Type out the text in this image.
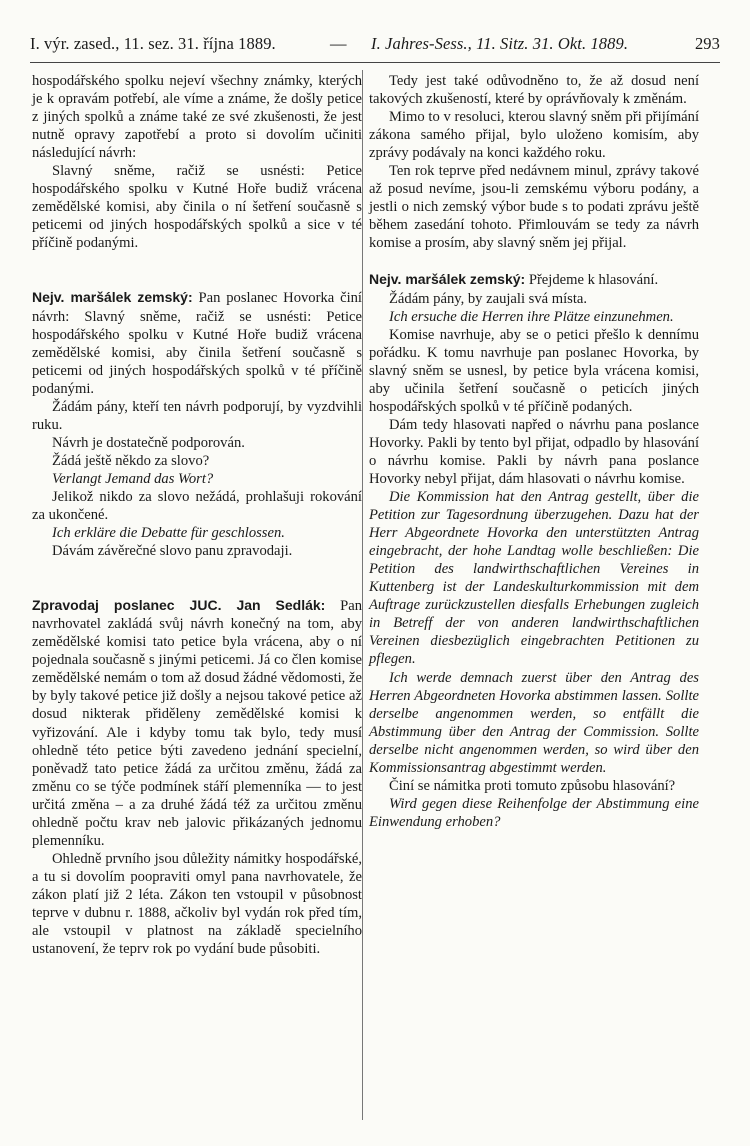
I. výr. zased., 11. sez. 31. října 1889.	— I. Jahres-Sess., 11. Sitz. 31. Okt. 1889.	293

hospodářského spolku nejeví všechny známky, kterých je k opravám potřebí, ale víme a známe, že došly petice z jiných spolků a známe také ze své zkušenosti, že jest nutně opravy zapotřebí a proto si dovolím učiniti následující návrh:

Slavný sněme, račiž se usnésti: Petice hospodářského spolku v Kutné Hoře budiž vrácena zemědělské komisi, aby činila o ní šetření současně s peticemi od jiných hospodářských spolků a sice v té příčině podanými.

Nejv. maršálek zemský: Pan poslanec Hovorka činí návrh: Slavný sněme, račiž se usnésti: Petice hospodářského spolku v Kutné Hoře budiž vrácena zemědělské komisi, aby činila šetření současně s peticemi od jiných hospodářských spolků v té příčině podanými.

Žádám pány, kteří ten návrh podporují, by vyzdvihli ruku.

Návrh je dostatečně podporován.

Žádá ještě někdo za slovo?

Verlangt Jemand das Wort?

Jelikož nikdo za slovo nežádá, prohlašuji rokování za ukončené.

Ich erkläre die Debatte für geschlossen.

Dávám závěrečné slovo panu zpravodaji.

Zpravodaj poslanec JUC. Jan Sedlák: Pan navrhovatel zakládá svůj návrh konečný na tom, aby zemědělské komisi tato petice byla vrácena, aby o ní pojednala současně s jinými peticemi. Já co člen komise zemědělské nemám o tom až dosud žádné vědomosti, že by byly takové petice již došly a nejsou takové petice až dosud nikterak přiděleny zemědělské komisi k vyřizování. Ale i kdyby tomu tak bylo, tedy musí ohledně této petice býti zavedeno jednání specielní, poněvadž tato petice žádá za určitou změnu, žádá za změnu co se týče podmínek stáří plemenníka — to jest určitá změna – a za druhé žádá též za určitou změnu ohledně počtu krav neb jalovic přikázaných jednomu plemenníku.

Ohledně prvního jsou důležity námitky hospodářské, a tu si dovolím poopraviti omyl pana navrhovatele, že zákon platí již 2 léta. Zákon ten vstoupil v působnost teprve v dubnu r. 1888, ačkoliv byl vydán rok před tím, ale vstoupil v platnost na základě specielního ustanovení, že teprv rok po vydání bude působiti.

Tedy jest také odůvodněno to, že až dosud není takových zkušeností, které by oprávňovaly k změnám.

Mimo to v resoluci, kterou slavný sněm při přijímání zákona samého přijal, bylo uloženo komisím, aby zprávy podávaly na konci každého roku.

Ten rok teprve před nedávnem minul, zprávy takové až posud nevíme, jsou-li zemskému výboru podány, a jestli o nich zemský výbor bude s to podati zprávu ještě během zasedání tohoto. Přimlouvám se tedy za návrh komise a prosím, aby slavný sněm jej přijal.

Nejv. maršálek zemský: Přejdeme k hlasování.

Žádám pány, by zaujali svá místa.

Ich ersuche die Herren ihre Plätze einzunehmen.

Komise navrhuje, aby se o petici přešlo k dennímu pořádku. K tomu navrhuje pan poslanec Hovorka, by slavný sněm se usnesl, by petice byla vrácena komisi, aby učinila šetření současně o peticích jiných hospodářských spolků v té příčině podaných.

Dám tedy hlasovati napřed o návrhu pana poslance Hovorky. Pakli by tento byl přijat, odpadlo by hlasování o návrhu komise. Pakli by návrh pana poslance Hovorky nebyl přijat, dám hlasovati o návrhu komise.

Die Kommission hat den Antrag gestellt, über die Petition zur Tagesordnung überzugehen. Dazu hat der Herr Abgeordnete Hovorka den unterstützten Antrag eingebracht, der hohe Landtag wolle beschließen: Die Petition des landwirthschaftlichen Vereines in Kuttenberg ist der Landeskulturkommission mit dem Auftrage zurückzustellen diesfalls Erhebungen zugleich in Betreff der von anderen landwirthschaftlichen Vereinen diesbezüglich eingebrachten Petitionen zu pflegen.

Ich werde demnach zuerst über den Antrag des Herren Abgeordneten Hovorka abstimmen lassen. Sollte derselbe angenommen werden, so entfällt die Abstimmung über den Antrag der Commission. Sollte derselbe nicht angenommen werden, so wird über den Kommissionsantrag abgestimmt werden.

Činí se námitka proti tomuto způsobu hlasování?

Wird gegen diese Reihenfolge der Abstimmung eine Einwendung erhoben?
